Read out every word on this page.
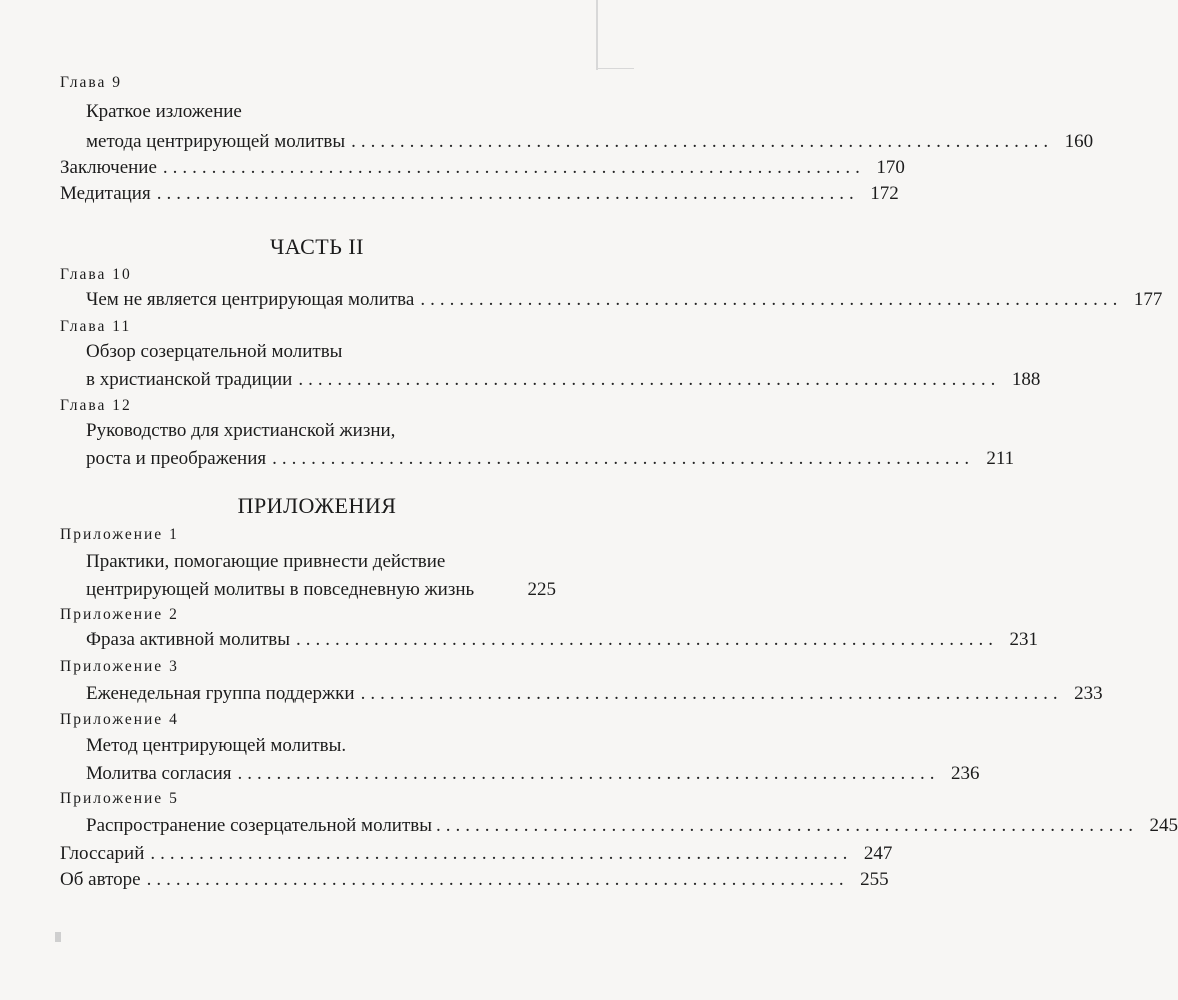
Глава 9
Краткое изложение
метода центрирующей молитвы ........................................................................ 160
Заключение ........................................................................ 170
Медитация ........................................................................ 172
ЧАСТЬ II
Глава 10
Чем не является центрирующая молитва ........................................................................ 177
Глава 11
Обзор созерцательной молитвы
в христианской традиции ........................................................................ 188
Глава 12
Руководство для христианской жизни,
роста и преображения ........................................................................ 211
ПРИЛОЖЕНИЯ
Приложение 1
Практики, помогающие привнести действие
центрирующей молитвы в повседневную жизнь	225
Приложение 2
Фраза активной молитвы ........................................................................ 231
Приложение 3
Еженедельная группа поддержки ........................................................................ 233
Приложение 4
Метод центрирующей молитвы.
Молитва согласия ........................................................................ 236
Приложение 5
Распространение созерцательной молитвы ........................................................................ 245
Глоссарий ........................................................................ 247
Об авторе ........................................................................ 255
